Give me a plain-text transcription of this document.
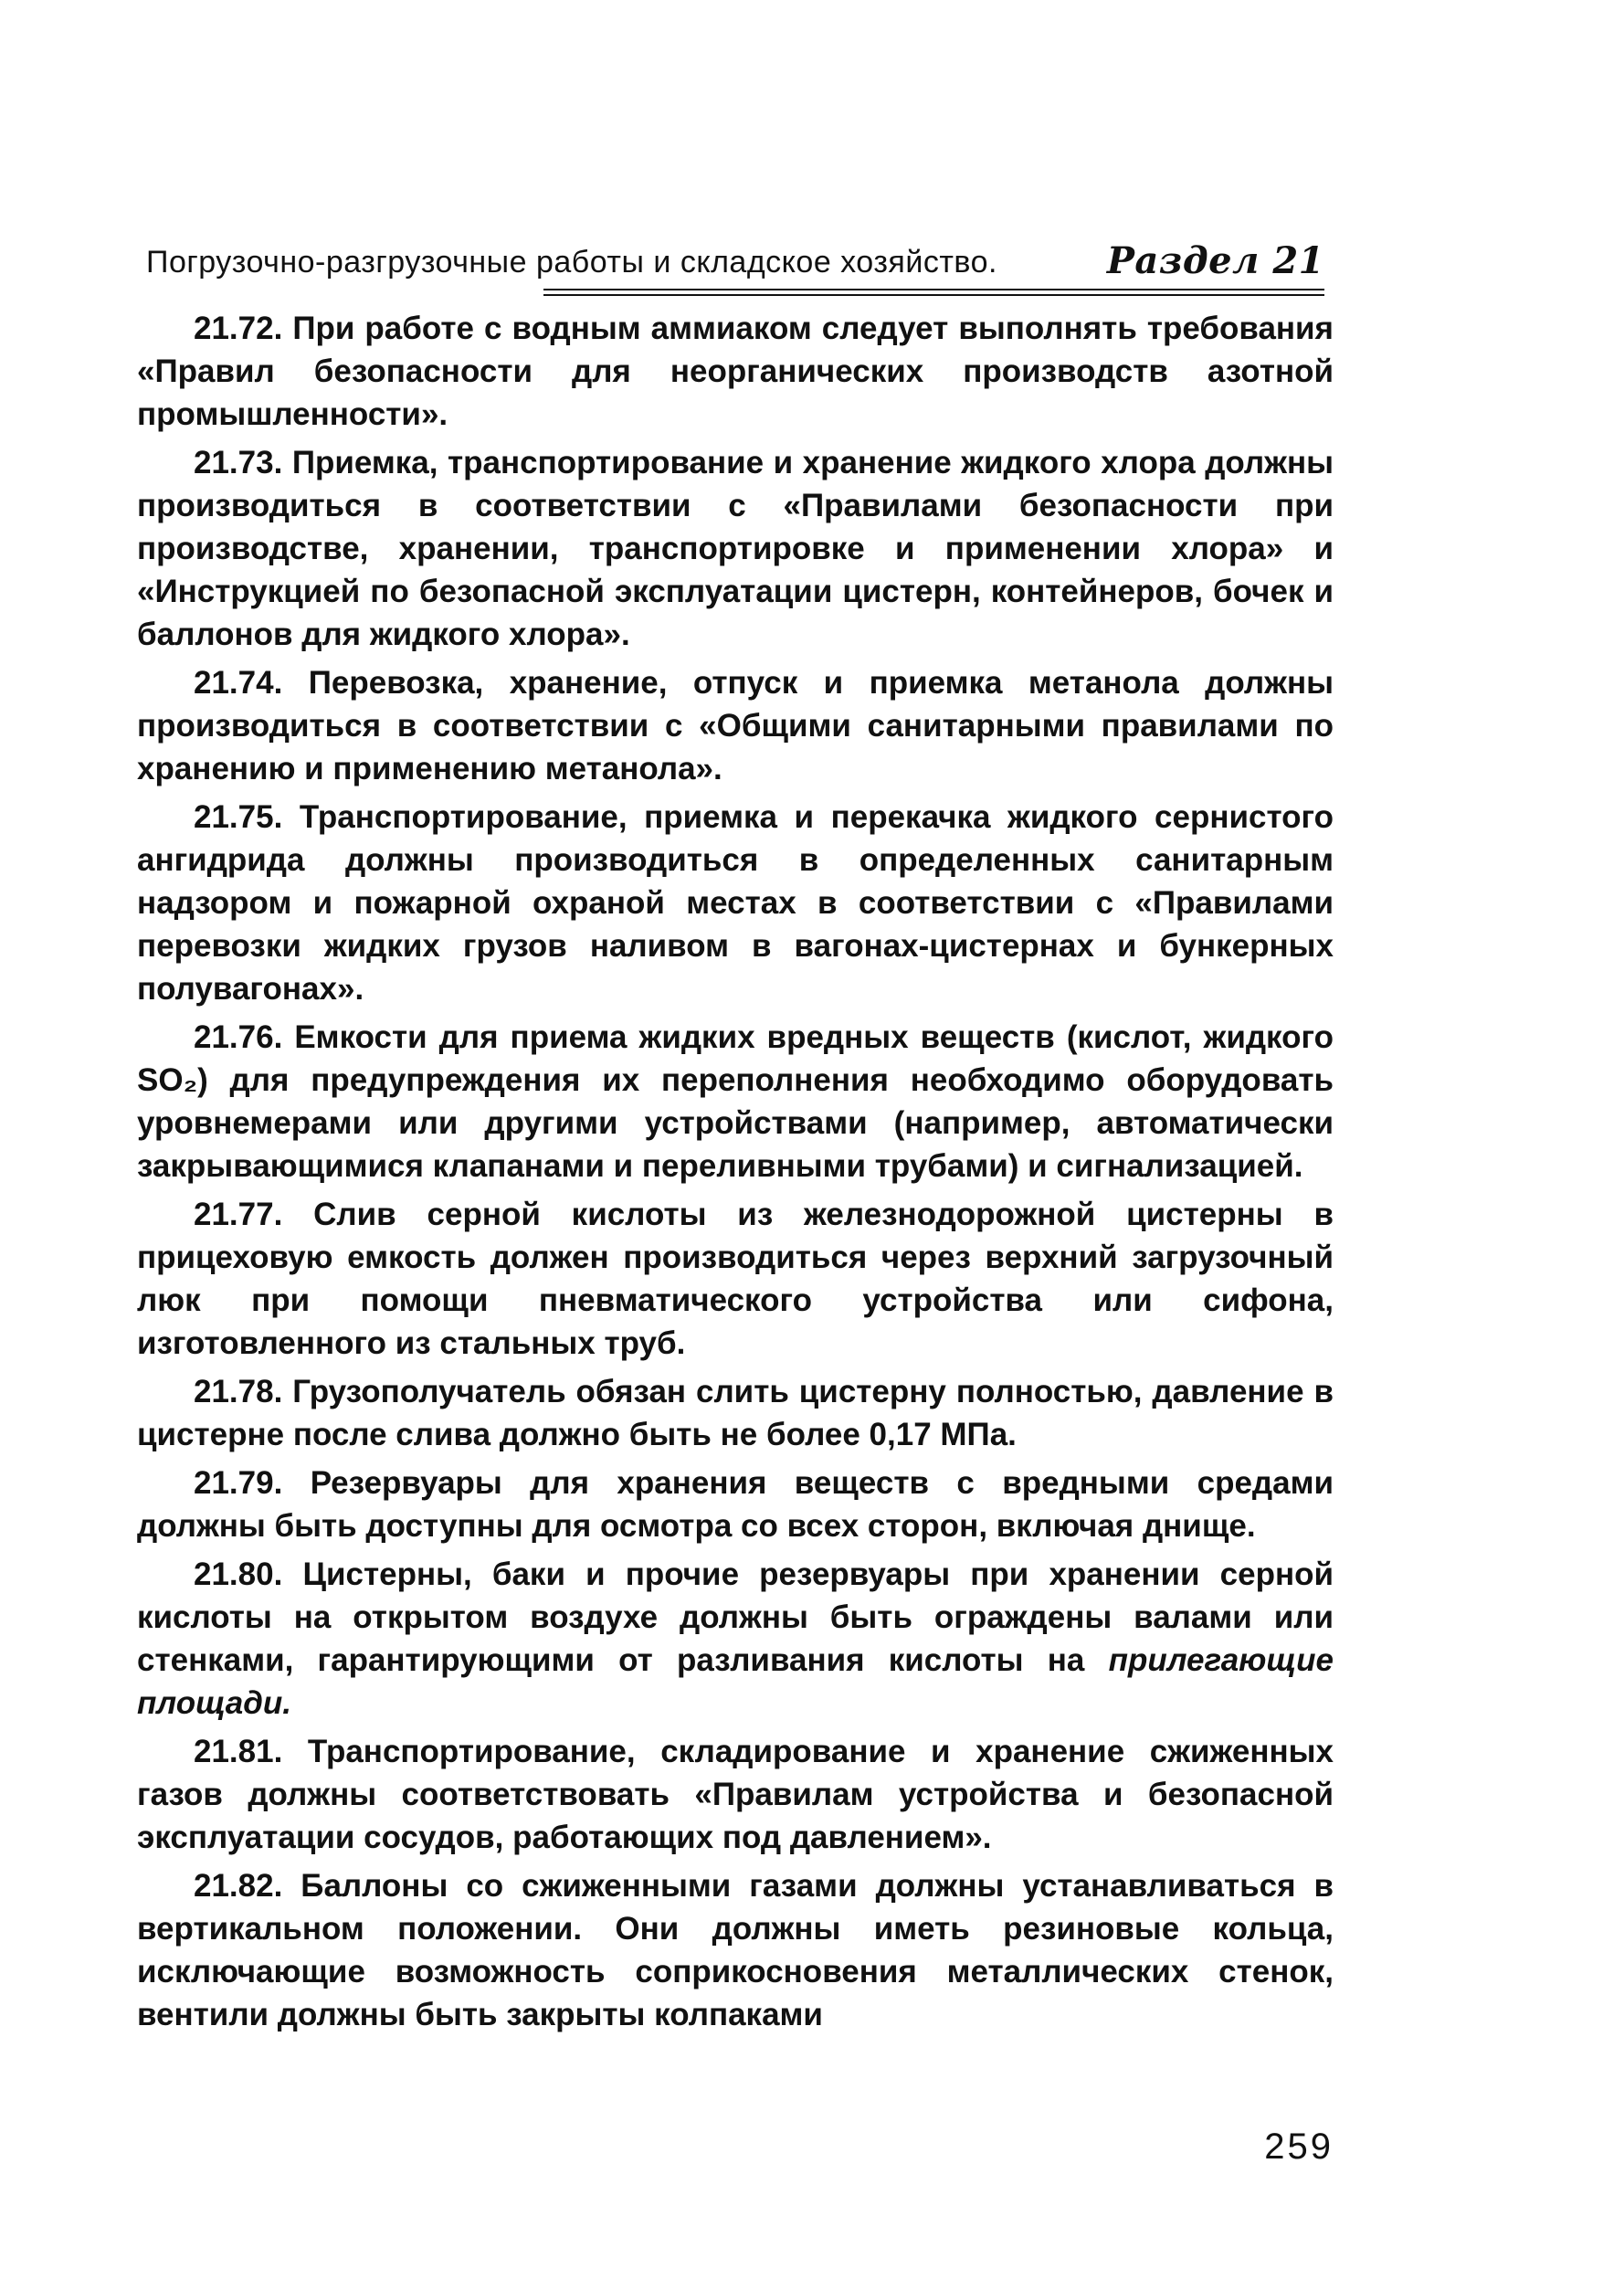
Погрузочно-разгрузочные работы и складское хозяйство.	Раздел 21

21.72. При работе с водным аммиаком следует выполнять требования «Правил безопасности для неорганических производств азотной промышленности».

21.73. Приемка, транспортирование и хранение жидкого хлора должны производиться в соответствии с «Правилами безопасности при производстве, хранении, транспортировке и применении хлора» и «Инструкцией по безопасной эксплуатации цистерн, контейнеров, бочек и баллонов для жидкого хлора».

21.74. Перевозка, хранение, отпуск и приемка метанола должны производиться в соответствии с «Общими санитарными правилами по хранению и применению метанола».

21.75. Транспортирование, приемка и перекачка жидкого сернистого ангидрида должны производиться в определенных санитарным надзором и пожарной охраной местах в соответствии с «Правилами перевозки жидких грузов наливом в вагонах-цистернах и бункерных полувагонах».

21.76. Емкости для приема жидких вредных веществ (кислот, жидкого SO₂) для предупреждения их переполнения необходимо оборудовать уровнемерами или другими устройствами (например, автоматически закрывающимися клапанами и переливными трубами) и сигнализацией.

21.77. Слив серной кислоты из железнодорожной цистерны в прицеховую емкость должен производиться через верхний загрузочный люк при помощи пневматического устройства или сифона, изготовленного из стальных труб.

21.78. Грузополучатель обязан слить цистерну полностью, давление в цистерне после слива должно быть не более 0,17 МПа.

21.79. Резервуары для хранения веществ с вредными средами должны быть доступны для осмотра со всех сторон, включая днище.

21.80. Цистерны, баки и прочие резервуары при хранении серной кислоты на открытом воздухе должны быть ограждены валами или стенками, гарантирующими от разливания кислоты на прилегающие площади.

21.81. Транспортирование, складирование и хранение сжиженных газов должны соответствовать «Правилам устройства и безопасной эксплуатации сосудов, работающих под давлением».

21.82. Баллоны со сжиженными газами должны устанавливаться в вертикальном положении. Они должны иметь резиновые кольца, исключающие возможность соприкосновения металлических стенок, вентили должны быть закрыты колпаками

259
